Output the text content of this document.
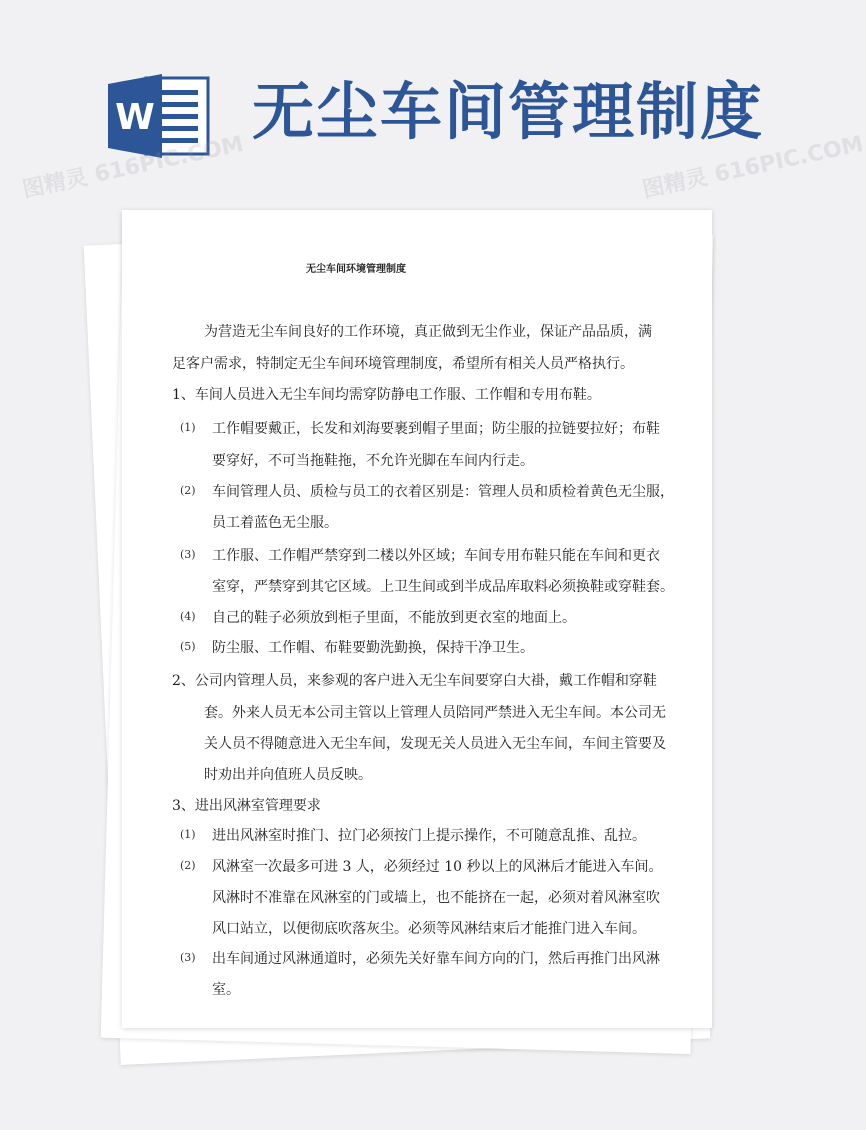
W 无尘车间管理制度
图精灵 616PIC.COM	图精灵 616PIC.COM
无尘车间环境管理制度
为营造无尘车间良好的工作环境，真正做到无尘作业，保证产品品质，满
足客户需求，特制定无尘车间环境管理制度，希望所有相关人员严格执行。
1、车间人员进入无尘车间均需穿防静电工作服、工作帽和专用布鞋。
(1) 工作帽要戴正，长发和刘海要裹到帽子里面；防尘服的拉链要拉好；布鞋
要穿好，不可当拖鞋拖，不允许光脚在车间内行走。
(2) 车间管理人员、质检与员工的衣着区别是：管理人员和质检着黄色无尘服，
员工着蓝色无尘服。
(3) 工作服、工作帽严禁穿到二楼以外区域；车间专用布鞋只能在车间和更衣
室穿，严禁穿到其它区域。上卫生间或到半成品库取料必须换鞋或穿鞋套。
(4) 自己的鞋子必须放到柜子里面，不能放到更衣室的地面上。
(5) 防尘服、工作帽、布鞋要勤洗勤换，保持干净卫生。
2、公司内管理人员，来参观的客户进入无尘车间要穿白大褂，戴工作帽和穿鞋
套。外来人员无本公司主管以上管理人员陪同严禁进入无尘车间。本公司无
关人员不得随意进入无尘车间，发现无关人员进入无尘车间，车间主管要及
时劝出并向值班人员反映。
3、进出风淋室管理要求
(1) 进出风淋室时推门、拉门必须按门上提示操作，不可随意乱推、乱拉。
(2) 风淋室一次最多可进 3 人，必须经过 10 秒以上的风淋后才能进入车间。
风淋时不准靠在风淋室的门或墙上，也不能挤在一起，必须对着风淋室吹
风口站立，以便彻底吹落灰尘。必须等风淋结束后才能推门进入车间。
(3) 出车间通过风淋通道时，必须先关好靠车间方向的门，然后再推门出风淋
室。
